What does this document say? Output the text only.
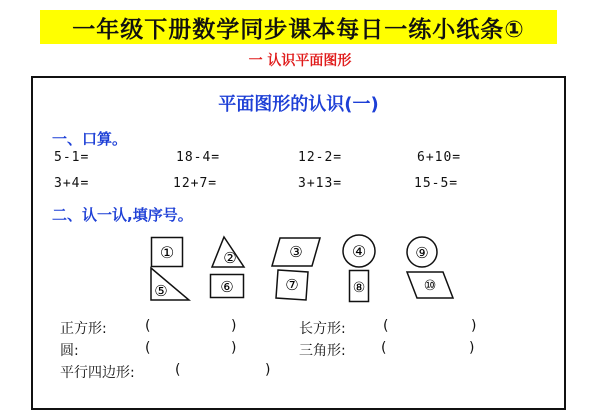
一年级下册数学同步课本每日一练小纸条①
一 认识平面图形
平面图形的认识(一)
一、口算。
5-1=	18-4=	12-2=	6+10=
3+4=	12+7=	3+13=	15-5=
二、认一认,填序号。
①	②	③	④	⑨
⑤	⑥	⑦	⑧	⑩
正方形:	(	)	长方形:	(	)
圆:	(	)	三角形:	(	)
平行四边形:	(	)
